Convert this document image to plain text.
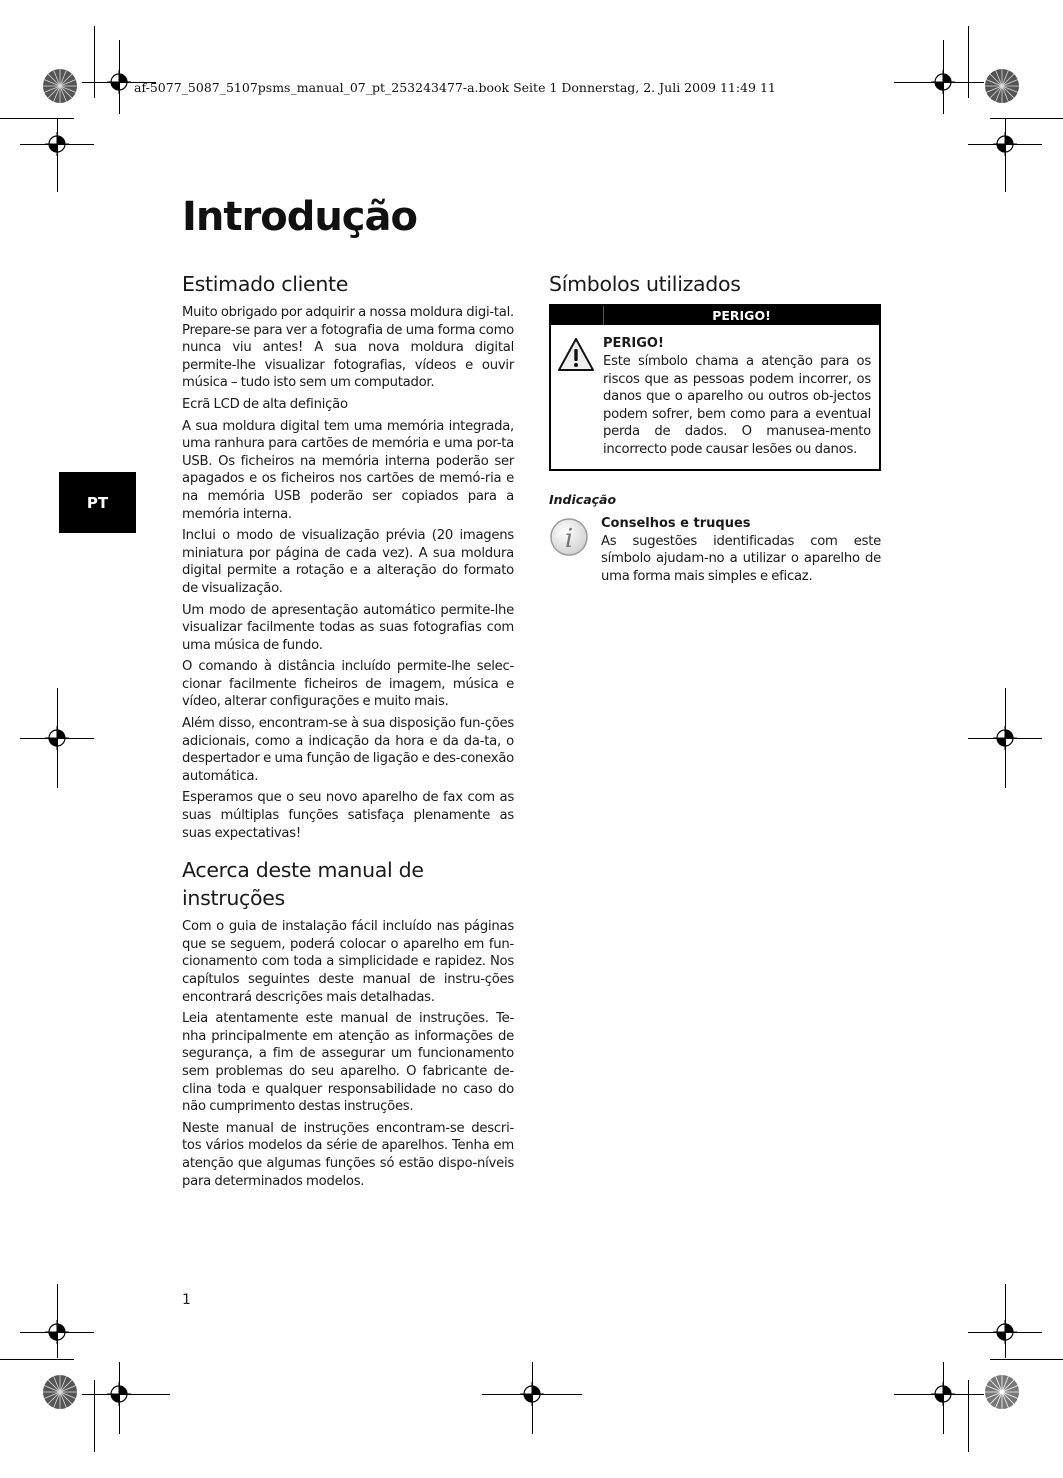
af-5077_5087_5107psms_manual_07_pt_253243477-a.book Seite 1 Donnerstag, 2. Juli 2009 11:49 11
Introdução
PT
Estimado cliente

Muito obrigado por adquirir a nossa moldura digi-tal. Prepare-se para ver a fotografia de uma forma como nunca viu antes! A sua nova moldura digital permite-lhe visualizar fotografias, vídeos e ouvir música – tudo isto sem um computador.

Ecrã LCD de alta definição

A sua moldura digital tem uma memória integrada, uma ranhura para cartões de memória e uma por-ta USB. Os ficheiros na memória interna poderão ser apagados e os ficheiros nos cartões de memó-ria e na memória USB poderão ser copiados para a memória interna.

Inclui o modo de visualização prévia (20 imagens miniatura por página de cada vez). A sua moldura digital permite a rotação e a alteração do formato de visualização.

Um modo de apresentação automático permite-lhe visualizar facilmente todas as suas fotografias com uma música de fundo.

O comando à distância incluído permite-lhe selec-cionar facilmente ficheiros de imagem, música e vídeo, alterar configurações e muito mais.

Além disso, encontram-se à sua disposição fun-ções adicionais, como a indicação da hora e da da-ta, o despertador e uma função de ligação e des-conexão automática.

Esperamos que o seu novo aparelho de fax com as suas múltiplas funções satisfaça plenamente as suas expectativas!

Acerca deste manual de instruções

Com o guia de instalação fácil incluído nas páginas que se seguem, poderá colocar o aparelho em fun-cionamento com toda a simplicidade e rapidez. Nos capítulos seguintes deste manual de instru-ções encontrará descrições mais detalhadas.

Leia atentamente este manual de instruções. Te-nha principalmente em atenção as informações de segurança, a fim de assegurar um funcionamento sem problemas do seu aparelho. O fabricante de-clina toda e qualquer responsabilidade no caso do não cumprimento destas instruções.

Neste manual de instruções encontram-se descri-tos vários modelos da série de aparelhos. Tenha em atenção que algumas funções só estão dispo-níveis para determinados modelos.

Símbolos utilizados
PERIGO!
PERIGO!

Este símbolo chama a atenção para os riscos que as pessoas podem incorrer, os danos que o aparelho ou outros ob-jectos podem sofrer, bem como para a eventual perda de dados. O manusea-mento incorrecto pode causar lesões ou danos.

Indicação
i
Conselhos e truques

As sugestões identificadas com este símbolo ajudam-no a utilizar o aparelho de uma forma mais simples e eficaz.

1
